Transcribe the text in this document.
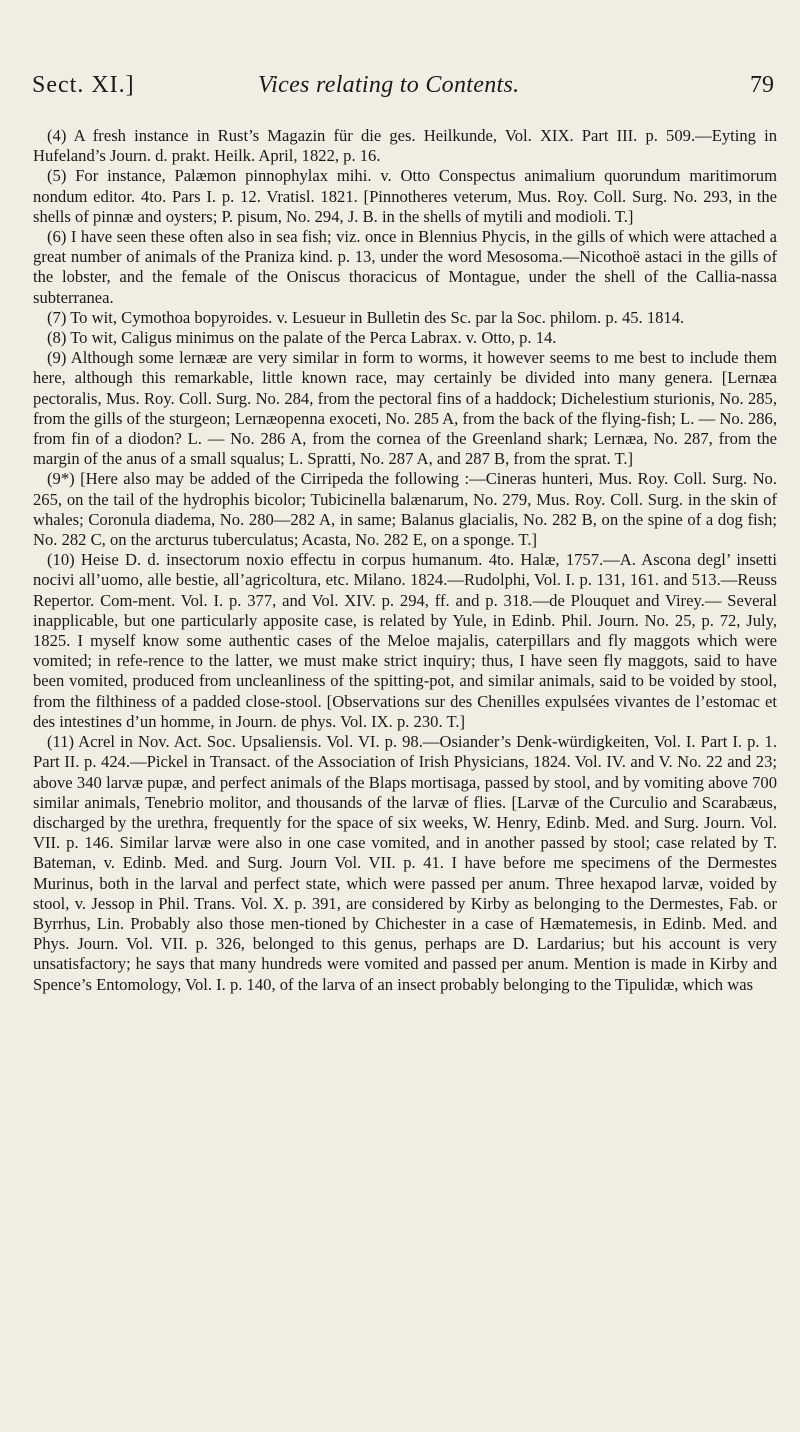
Sect. XI.]	Vices relating to Contents.	79

(4) A fresh instance in Rust’s Magazin für die ges. Heilkunde, Vol. XIX. Part III. p. 509.—Eyting in Hufeland’s Journ. d. prakt. Heilk. April, 1822, p. 16.

(5) For instance, Palæmon pinnophylax mihi. v. Otto Conspectus animalium quorundum maritimorum nondum editor. 4to. Pars I. p. 12. Vratisl. 1821. [Pinnotheres veterum, Mus. Roy. Coll. Surg. No. 293, in the shells of pinnæ and oysters; P. pisum, No. 294, J. B. in the shells of mytili and modioli. T.]

(6) I have seen these often also in sea fish; viz. once in Blennius Phycis, in the gills of which were attached a great number of animals of the Praniza kind. p. 13, under the word Mesosoma.—Nicothoë astaci in the gills of the lobster, and the female of the Oniscus thoracicus of Montague, under the shell of the Callia-nassa subterranea.

(7) To wit, Cymothoa bopyroides. v. Lesueur in Bulletin des Sc. par la Soc. philom. p. 45. 1814.

(8) To wit, Caligus minimus on the palate of the Perca Labrax. v. Otto, p. 14.

(9) Although some lernææ are very similar in form to worms, it however seems to me best to include them here, although this remarkable, little known race, may certainly be divided into many genera. [Lernæa pectoralis, Mus. Roy. Coll. Surg. No. 284, from the pectoral fins of a haddock; Dichelestium sturionis, No. 285, from the gills of the sturgeon; Lernæopenna exoceti, No. 285 A, from the back of the flying-fish; L. — No. 286, from fin of a diodon? L. — No. 286 A, from the cornea of the Greenland shark; Lernæa, No. 287, from the margin of the anus of a small squalus; L. Spratti, No. 287 A, and 287 B, from the sprat. T.]

(9*) [Here also may be added of the Cirripeda the following :—Cineras hunteri, Mus. Roy. Coll. Surg. No. 265, on the tail of the hydrophis bicolor; Tubicinella balænarum, No. 279, Mus. Roy. Coll. Surg. in the skin of whales; Coronula diadema, No. 280—282 A, in same; Balanus glacialis, No. 282 B, on the spine of a dog fish; No. 282 C, on the arcturus tuberculatus; Acasta, No. 282 E, on a sponge. T.]

(10) Heise D. d. insectorum noxio effectu in corpus humanum. 4to. Halæ, 1757.—A. Ascona degl’ insetti nocivi all’uomo, alle bestie, all’agricoltura, etc. Milano. 1824.—Rudolphi, Vol. I. p. 131, 161. and 513.—Reuss Repertor. Com-ment. Vol. I. p. 377, and Vol. XIV. p. 294, ff. and p. 318.—de Plouquet and Virey.— Several inapplicable, but one particularly apposite case, is related by Yule, in Edinb. Phil. Journ. No. 25, p. 72, July, 1825. I myself know some authentic cases of the Meloe majalis, caterpillars and fly maggots which were vomited; in refe-rence to the latter, we must make strict inquiry; thus, I have seen fly maggots, said to have been vomited, produced from uncleanliness of the spitting-pot, and similar animals, said to be voided by stool, from the filthiness of a padded close-stool. [Observations sur des Chenilles expulsées vivantes de l’estomac et des intestines d’un homme, in Journ. de phys. Vol. IX. p. 230. T.]

(11) Acrel in Nov. Act. Soc. Upsaliensis. Vol. VI. p. 98.—Osiander’s Denk-würdigkeiten, Vol. I. Part I. p. 1. Part II. p. 424.—Pickel in Transact. of the Association of Irish Physicians, 1824. Vol. IV. and V. No. 22 and 23; above 340 larvæ pupæ, and perfect animals of the Blaps mortisaga, passed by stool, and by vomiting above 700 similar animals, Tenebrio molitor, and thousands of the larvæ of flies. [Larvæ of the Curculio and Scarabæus, discharged by the urethra, frequently for the space of six weeks, W. Henry, Edinb. Med. and Surg. Journ. Vol. VII. p. 146. Similar larvæ were also in one case vomited, and in another passed by stool; case related by T. Bateman, v. Edinb. Med. and Surg. Journ Vol. VII. p. 41. I have before me specimens of the Dermestes Murinus, both in the larval and perfect state, which were passed per anum. Three hexapod larvæ, voided by stool, v. Jessop in Phil. Trans. Vol. X. p. 391, are considered by Kirby as belonging to the Dermestes, Fab. or Byrrhus, Lin. Probably also those men-tioned by Chichester in a case of Hæmatemesis, in Edinb. Med. and Phys. Journ. Vol. VII. p. 326, belonged to this genus, perhaps are D. Lardarius; but his account is very unsatisfactory; he says that many hundreds were vomited and passed per anum. Mention is made in Kirby and Spence’s Entomology, Vol. I. p. 140, of the larva of an insect probably belonging to the Tipulidæ, which was
